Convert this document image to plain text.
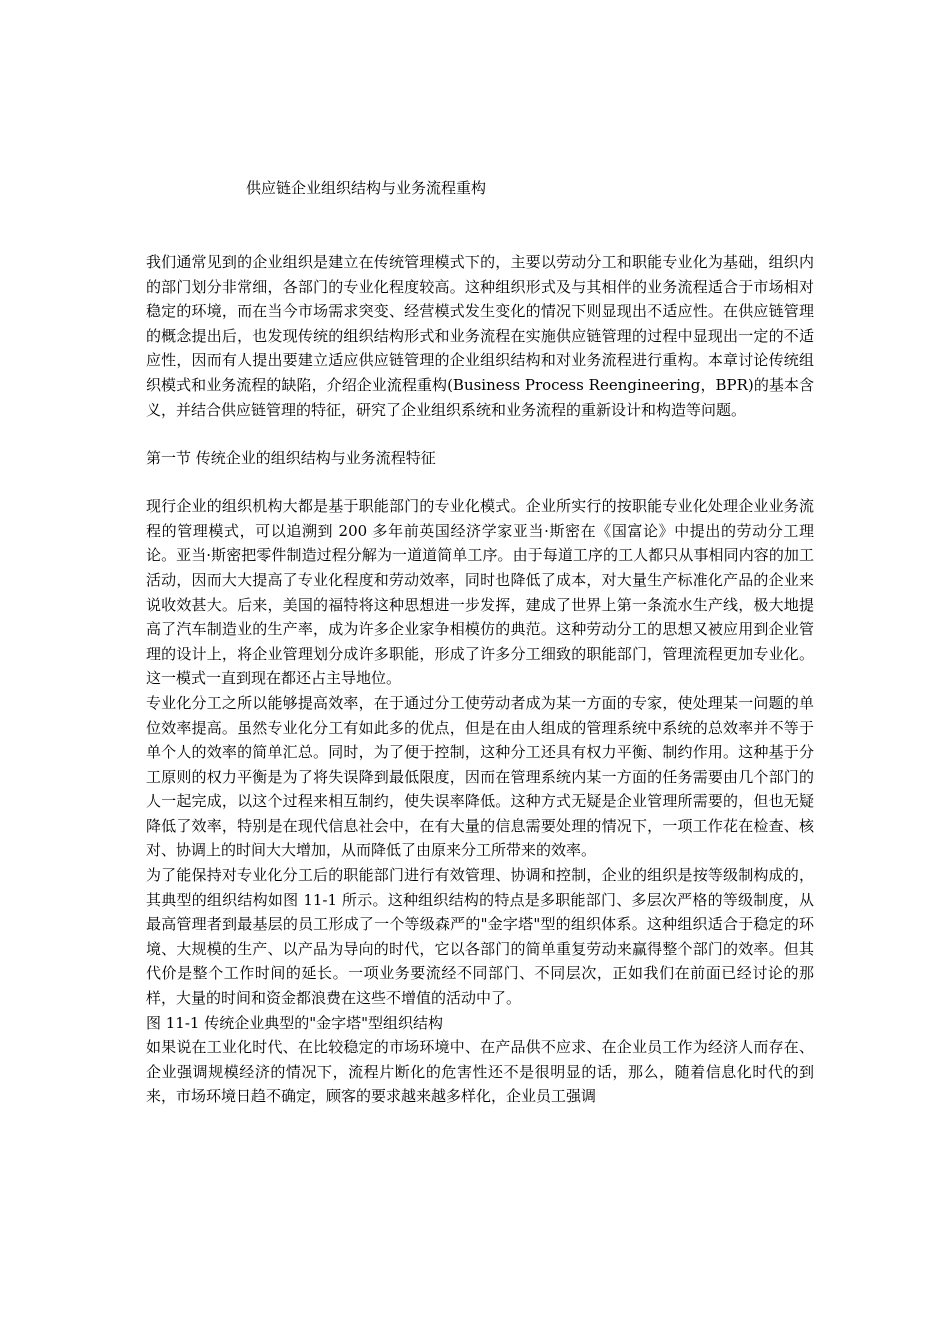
供应链企业组织结构与业务流程重构

我们通常见到的企业组织是建立在传统管理模式下的，主要以劳动分工和职能专业化为基础，组织内的部门划分非常细，各部门的专业化程度较高。这种组织形式及与其相伴的业务流程适合于市场相对稳定的环境，而在当今市场需求突变、经营模式发生变化的情况下则显现出不适应性。在供应链管理的概念提出后，也发现传统的组织结构形式和业务流程在实施供应链管理的过程中显现出一定的不适应性，因而有人提出要建立适应供应链管理的企业组织结构和对业务流程进行重构。本章讨论传统组织模式和业务流程的缺陷，介绍企业流程重构(Business Process Reengineering，BPR)的基本含义，并结合供应链管理的特征，研究了企业组织系统和业务流程的重新设计和构造等问题。

第一节 传统企业的组织结构与业务流程特征

现行企业的组织机构大都是基于职能部门的专业化模式。企业所实行的按职能专业化处理企业业务流程的管理模式，可以追溯到 200 多年前英国经济学家亚当·斯密在《国富论》中提出的劳动分工理论。亚当·斯密把零件制造过程分解为一道道简单工序。由于每道工序的工人都只从事相同内容的加工活动，因而大大提高了专业化程度和劳动效率，同时也降低了成本，对大量生产标准化产品的企业来说收效甚大。后来，美国的福特将这种思想进一步发挥，建成了世界上第一条流水生产线，极大地提高了汽车制造业的生产率，成为许多企业家争相模仿的典范。这种劳动分工的思想又被应用到企业管理的设计上，将企业管理划分成许多职能，形成了许多分工细致的职能部门，管理流程更加专业化。这一模式一直到现在都还占主导地位。

专业化分工之所以能够提高效率，在于通过分工使劳动者成为某一方面的专家，使处理某一问题的单位效率提高。虽然专业化分工有如此多的优点，但是在由人组成的管理系统中系统的总效率并不等于单个人的效率的简单汇总。同时，为了便于控制，这种分工还具有权力平衡、制约作用。这种基于分工原则的权力平衡是为了将失误降到最低限度，因而在管理系统内某一方面的任务需要由几个部门的人一起完成，以这个过程来相互制约，使失误率降低。这种方式无疑是企业管理所需要的，但也无疑降低了效率，特别是在现代信息社会中，在有大量的信息需要处理的情况下，一项工作花在检查、核对、协调上的时间大大增加，从而降低了由原来分工所带来的效率。

为了能保持对专业化分工后的职能部门进行有效管理、协调和控制，企业的组织是按等级制构成的，其典型的组织结构如图 11-1 所示。这种组织结构的特点是多职能部门、多层次严格的等级制度，从最高管理者到最基层的员工形成了一个等级森严的"金字塔"型的组织体系。这种组织适合于稳定的环境、大规模的生产、以产品为导向的时代，它以各部门的简单重复劳动来赢得整个部门的效率。但其代价是整个工作时间的延长。一项业务要流经不同部门、不同层次，正如我们在前面已经讨论的那样，大量的时间和资金都浪费在这些不增值的活动中了。

图 11-1 传统企业典型的"金字塔"型组织结构

如果说在工业化时代、在比较稳定的市场环境中、在产品供不应求、在企业员工作为经济人而存在、企业强调规模经济的情况下，流程片断化的危害性还不是很明显的话，那么，随着信息化时代的到来，市场环境日趋不确定，顾客的要求越来越多样化，企业员工强调
